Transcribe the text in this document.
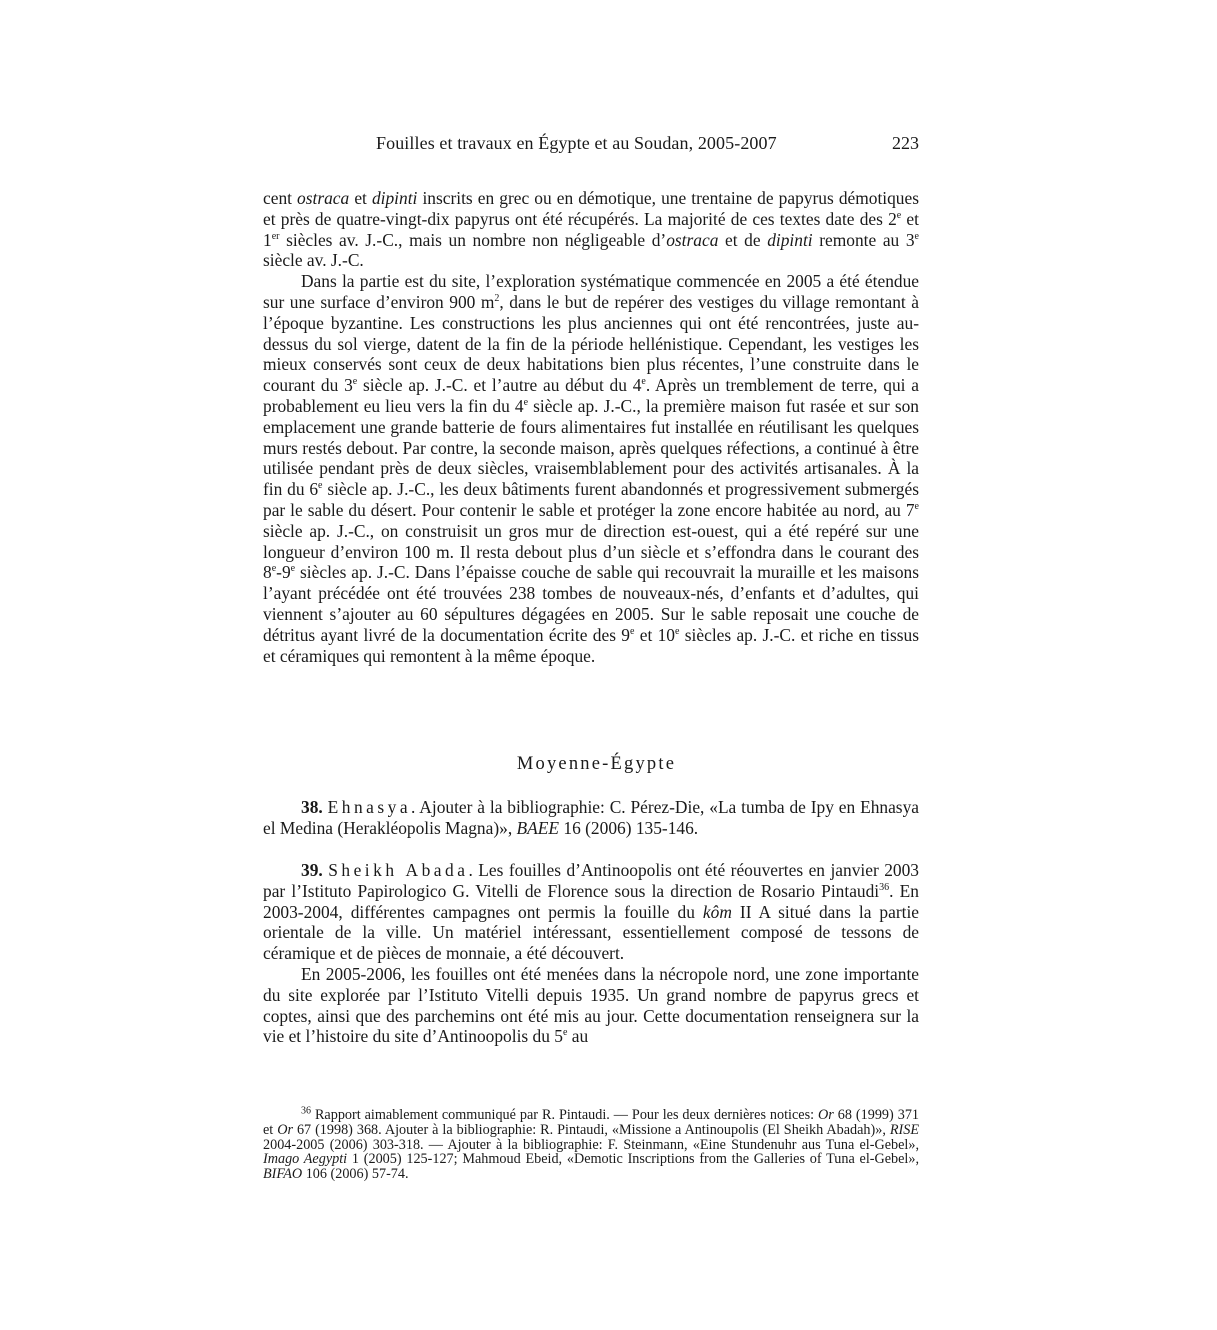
Fouilles et travaux en Égypte et au Soudan, 2005-2007	223

cent ostraca et dipinti inscrits en grec ou en démotique, une trentaine de papyrus démotiques et près de quatre-vingt-dix papyrus ont été récupérés. La majorité de ces textes date des 2e et 1er siècles av. J.-C., mais un nombre non négligeable d’ostraca et de dipinti remonte au 3e siècle av. J.-C.

Dans la partie est du site, l’exploration systématique commencée en 2005 a été étendue sur une surface d’environ 900 $m^2$, dans le but de repérer des vestiges du village remontant à l’époque byzantine. Les constructions les plus anciennes qui ont été rencontrées, juste au-dessus du sol vierge, datent de la fin de la période hellénistique. Cependant, les vestiges les mieux conservés sont ceux de deux habitations bien plus récentes, l’une construite dans le courant du 3e siècle ap. J.-C. et l’autre au début du 4e. Après un tremblement de terre, qui a probablement eu lieu vers la fin du 4e siècle ap. J.-C., la première maison fut rasée et sur son emplacement une grande batterie de fours alimentaires fut installée en réutilisant les quelques murs restés debout. Par contre, la seconde maison, après quelques réfections, a continué à être utilisée pendant près de deux siècles, vraisemblablement pour des activités artisanales. À la fin du 6e siècle ap. J.-C., les deux bâtiments furent abandonnés et progressivement submergés par le sable du désert. Pour contenir le sable et protéger la zone encore habitée au nord, au 7e siècle ap. J.-C., on construisit un gros mur de direction est-ouest, qui a été repéré sur une longueur d’environ 100 m. Il resta debout plus d’un siècle et s’effondra dans le courant des 8e-9e siècles ap. J.-C. Dans l’épaisse couche de sable qui recouvrait la muraille et les maisons l’ayant précédée ont été trouvées 238 tombes de nouveaux-nés, d’enfants et d’adultes, qui viennent s’ajouter au 60 sépultures dégagées en 2005. Sur le sable reposait une couche de détritus ayant livré de la documentation écrite des 9e et 10e siècles ap. J.-C. et riche en tissus et céramiques qui remontent à la même époque.

Moyenne-Égypte

38. Ehnasya. Ajouter à la bibliographie: C. Pérez-Die, «La tumba de Ipy en Ehnasya el Medina (Herakléopolis Magna)», BAEE 16 (2006) 135-146.

39. Sheikh Abada. Les fouilles d’Antinoopolis ont été réouvertes en janvier 2003 par l’Istituto Papirologico G. Vitelli de Florence sous la direction de Rosario Pintaudi$^{36}$. En 2003-2004, différentes campagnes ont permis la fouille du kôm II A situé dans la partie orientale de la ville. Un matériel intéressant, essentiellement composé de tessons de céramique et de pièces de monnaie, a été découvert.

En 2005-2006, les fouilles ont été menées dans la nécropole nord, une zone importante du site explorée par l’Istituto Vitelli depuis 1935. Un grand nombre de papyrus grecs et coptes, ainsi que des parchemins ont été mis au jour. Cette documentation renseignera sur la vie et l’histoire du site d’Antinoopolis du 5e au

$^{36}$ Rapport aimablement communiqué par R. Pintaudi. — Pour les deux dernières notices: Or 68 (1999) 371 et Or 67 (1998) 368. Ajouter à la bibliographie: R. Pintaudi, «Missione a Antinoupolis (El Sheikh Abadah)», RISE 2004-2005 (2006) 303-318. — Ajouter à la bibliographie: F. Steinmann, «Eine Stundenuhr aus Tuna el-Gebel», Imago Aegypti 1 (2005) 125-127; Mahmoud Ebeid, «Demotic Inscriptions from the Galleries of Tuna el-Gebel», BIFAO 106 (2006) 57-74.
